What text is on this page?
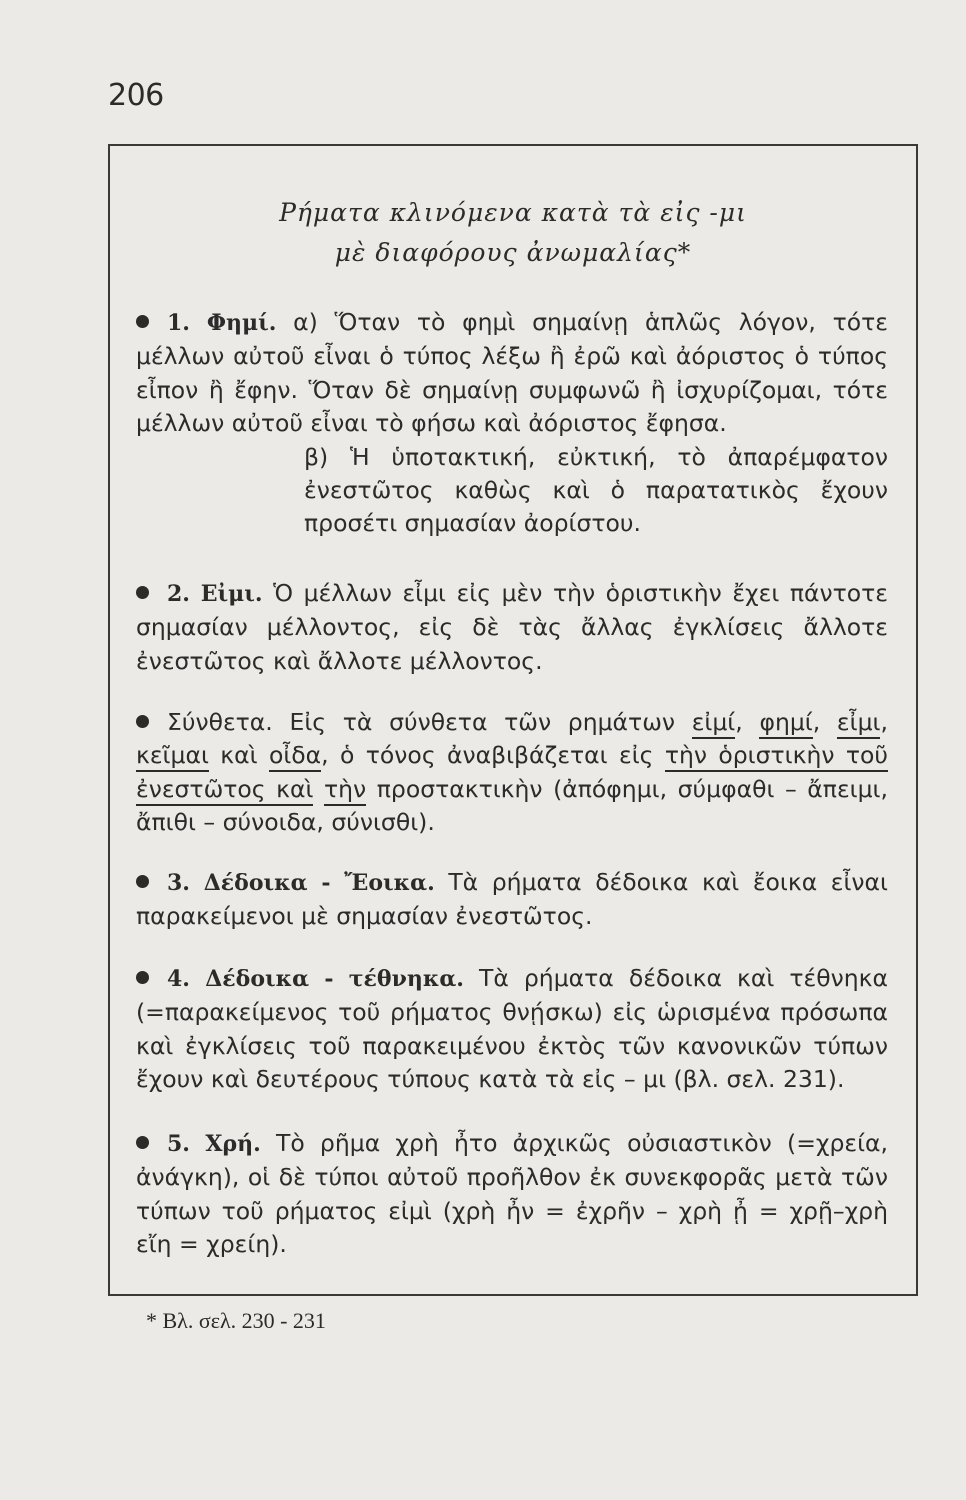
206
Ρήματα κλινόμενα κατὰ τὰ εἰς -μι
μὲ διαφόρους ἀνωμαλίας*

1. Φημί. α) Ὅταν τὸ φημὶ σημαίνῃ ἁπλῶς λόγον, τότε μέλλων αὐτοῦ εἶναι ὁ τύπος λέξω ἢ ἐρῶ καὶ ἀόριστος ὁ τύπος εἶπον ἢ ἔφην. Ὅταν δὲ σημαίνῃ συμφωνῶ ἢ ἰσχυρίζομαι, τότε μέλλων αὐτοῦ εἶναι τὸ φήσω καὶ ἀόριστος ἔφησα.

β) Ἡ ὑποτακτική, εὐκτική, τὸ ἀπαρέμφατον ἐνεστῶτος καθὼς καὶ ὁ παρατατικὸς ἔχουν προσέτι σημασίαν ἀορίστου.

2. Εἰμι. Ὁ μέλλων εἶμι εἰς μὲν τὴν ὁριστικὴν ἔχει πάντοτε σημασίαν μέλλοντος, εἰς δὲ τὰς ἄλλας ἐγκλίσεις ἄλλοτε ἐνεστῶτος καὶ ἄλλοτε μέλλοντος.

Σύνθετα. Εἰς τὰ σύνθετα τῶν ρημάτων εἰμί, φημί, εἶμι, κεῖμαι καὶ οἶδα, ὁ τόνος ἀναβιβάζεται εἰς τὴν ὁριστικὴν τοῦ ἐνεστῶτος καὶ τὴν προστακτικὴν (ἀπόφημι, σύμφαθι – ἄπειμι, ἄπιθι – σύνοιδα, σύνισθι).

3. Δέδοικα - Ἔοικα. Τὰ ρήματα δέδοικα καὶ ἔοικα εἶναι παρακείμενοι μὲ σημασίαν ἐνεστῶτος.

4. Δέδοικα - τέθνηκα. Τὰ ρήματα δέδοικα καὶ τέθνηκα (=παρακείμενος τοῦ ρήματος θνῄσκω) εἰς ὡρισμένα πρόσωπα καὶ ἐγκλίσεις τοῦ παρακειμένου ἐκτὸς τῶν κανονικῶν τύπων ἔχουν καὶ δευτέρους τύπους κατὰ τὰ εἰς – μι (βλ. σελ. 231).

5. Χρή. Τὸ ρῆμα χρὴ ἦτο ἀρχικῶς οὐσιαστικὸν (=χρεία, ἀνάγκη), οἱ δὲ τύποι αὐτοῦ προῆλθον ἐκ συνεκφορᾶς μετὰ τῶν τύπων τοῦ ρήματος εἰμὶ (χρὴ ἦν = ἐχρῆν – χρὴ ᾖ = χρῇ–χρὴ εἴη = χρείη).

* Βλ. σελ. 230 - 231
